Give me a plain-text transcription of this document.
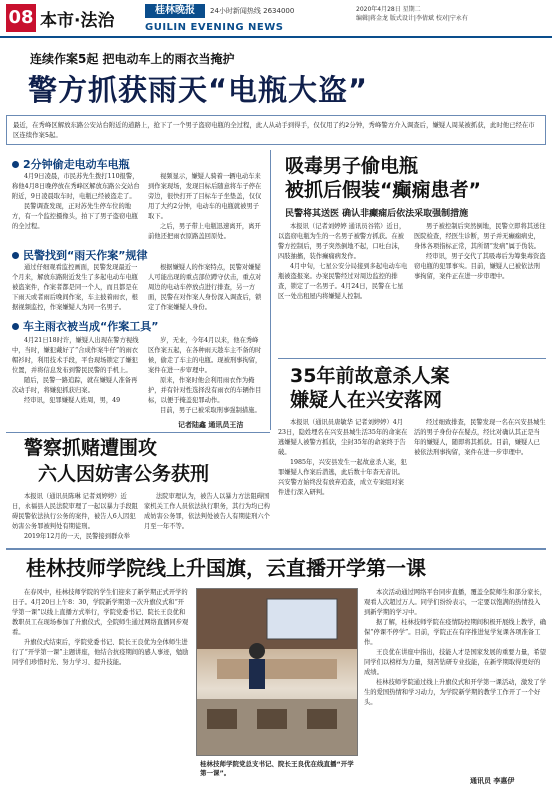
08 本市·法治
桂林晚报	24小时新闻热线 2634000
GUILIN EVENING NEWS
2020年4月28日 星期二
编辑|蒋金龙 版式设计|李倩斌 校对|宁永有
连续作案5起 把电动车上的雨衣当掩护
警方抓获雨天“电瓶大盗”
最近，在秀峰区解放东路公安站台附近的道路上，抢下了一个男子盗窃电瓶的全过程，此人从动手到得手，仅仅用了约2分钟，秀峰警方介入调查后，嫌疑人周某被抓获，此时他已经在市区连续作案5起。
2分钟偷走电动车电瓶

4月9日凌晨，市民苏先生拨打110报警，称他4月8日晚停放在秀峰区解放东路公交站台附近，9日凌晨取车时，电瓶已经被盗走了。

民警调查发现，正对苏先生停车位的地方，有一个监控摄像头，拍下了男子盗窃电瓶的全过程。

民警找到“雨天作案”规律

通过仔细观看监控画面，民警发现最近一个月来，解放东路附近发生了多起电动车电瓶被盗案件，作案者都是同一个人，而且都是在下雨天或者雨后晚间作案，车主披着雨衣，根据视频监控，作案嫌疑人为同一名男子。

车主雨衣被当成“作案工具”

4月21日18时许，嫌疑人出现在警方视线中，当时，嫌犯戴好了“合成作案牛仔”的雨衣帽衫时，利用技术手段，平台现场锁定了嫌犯位置，并将信息发布到警民民警的手机上。

随后，民警一路追踪，就在嫌疑人准备再次动手时，将嫌犯抓获归案。

经审讯，犯罪嫌疑人姓周，男，49

视频显示，嫌疑人骑着一辆电动车来到作案现场，发现目标后随意将车子停在旁边，很快打开了目标车子坐垫盖，仅仅用了大约2分钟，电动车的电瓶就被男子取下。

之后，男子带上电瓶迅速离开，离开前他还把雨衣原路盖回原处。

根据嫌疑人的作案特点，民警对嫌疑人可能出现的重点部位蹲守伏击，重点对周边的电动车停放点进行排查，另一方面，民警在对作案人身份深入调查后，锁定了作案嫌疑人身份。

岁，无业，今年4月以来，他在秀峰区作案五起，在各种雨天趁车主不备的时候，偷走了车主的电瓶。现被刑事拘留，案件在进一步审理中。

原来，作案时他会利用雨衣作为掩护，并有针对性选择没有雨衣的车辆作目标，以便于掩盖犯罪动作。

目前，男子已被采取刑事强制措施。

记者陆鑫 通讯员王洁
吸毒男子偷电瓶
被抓后假装“癫痫患者”
民警将其送医 确认非癫痫后依法采取强制措施

本报讯（记者刘婷婷 通讯员谷铭）近日，以盗窃电瓶为生的一名男子被警方抓获。在被警方控制后，男子突然倒地不起，口吐白沫，四肢抽搐，装作癫痫病发作。

4月中旬，七星公安分局接到多起电动车电瓶被盗报案。办案民警经过对周边监控的排查，锁定了一名男子。4月24日，民警在七星区一处出租屋内将嫌疑人控制。

男子被控制后突然倒地，民警立即将其送往医院检查，经医生诊断，男子并无癫痫病史，身体各项指标正常，其所谓“发病”属于伪装。

经审讯，男子交代了其吸毒后为筹集毒资盗窃电瓶的犯罪事实。目前，嫌疑人已被依法刑事拘留，案件正在进一步审理中。

35年前故意杀人案
嫌疑人在兴安落网

本报讯（通讯员唐敏华 记者刘婷婷）4月23日，隐姓埋名在兴安县城生活35年的命案在逃嫌疑人被警方抓获，尘封35年的命案终于告破。

1985年，兴安县发生一起故意杀人案，犯罪嫌疑人作案后潜逃，此后数十年杳无音讯。兴安警方始终没有放弃追查，成立专案组对案件进行深入研判。

经过细致排查，民警发现一名在兴安县城生活的男子身份存在疑点，经比对确认其正是当年的嫌疑人，随即将其抓获。目前，嫌疑人已被依法刑事拘留，案件在进一步审理中。

警察抓赌遭围攻
六人因妨害公务获刑

本报讯（通讯员陈琳 记者刘婷婷）近日，永福县人民法院审理了一起以暴力手段阻碍民警依法执行公务的案件，被告人6人因犯妨害公务罪被判处有期徒刑。

2019年12月的一天，民警接到群众举

法院审理认为，被告人以暴力方法阻碍国家机关工作人员依法执行职务，其行为均已构成妨害公务罪，依法判处被告人有期徒刑六个月至一年不等。

桂林技师学院线上升国旗，云直播开学第一课

在春风中，桂林技师学院的学生们迎来了新学期正式开学的日子。4月20日上午8：30，学院新学期第一次升旗仪式和“开学第一课”以线上直播方式举行，学院党委书记、院长王良优和教职员工在现场参加了升旗仪式，全院师生通过网络直播同步观看。

升旗仪式结束后，学院党委书记、院长王良优为全体师生进行了“开学第一课”主题讲座，他结合抗疫期间的感人事迹，勉励同学们珍惜时光、努力学习、提升技能。

桂林技师学院党总支书记、院长王良优在线直播“开学第一课”。

本次活动通过网络平台同步直播，覆盖全院师生和部分家长，观看人次超过万人。同学们纷纷表示，一定要以饱满的热情投入到新学期的学习中。

据了解，桂林技师学院在疫情防控期间积极开展线上教学，确保“停课不停学”。目前，学院正在有序推进复学复课各项准备工作。

王良优在讲座中指出，技能人才是国家发展的重要力量，希望同学们以榜样为力量，刻苦钻研专业技能，在新学期取得更好的成绩。

桂林技师学院通过线上升旗仪式和开学第一课活动，激发了学生的爱国热情和学习动力，为学院新学期的教学工作开了一个好头。

通讯员 李惠伊
